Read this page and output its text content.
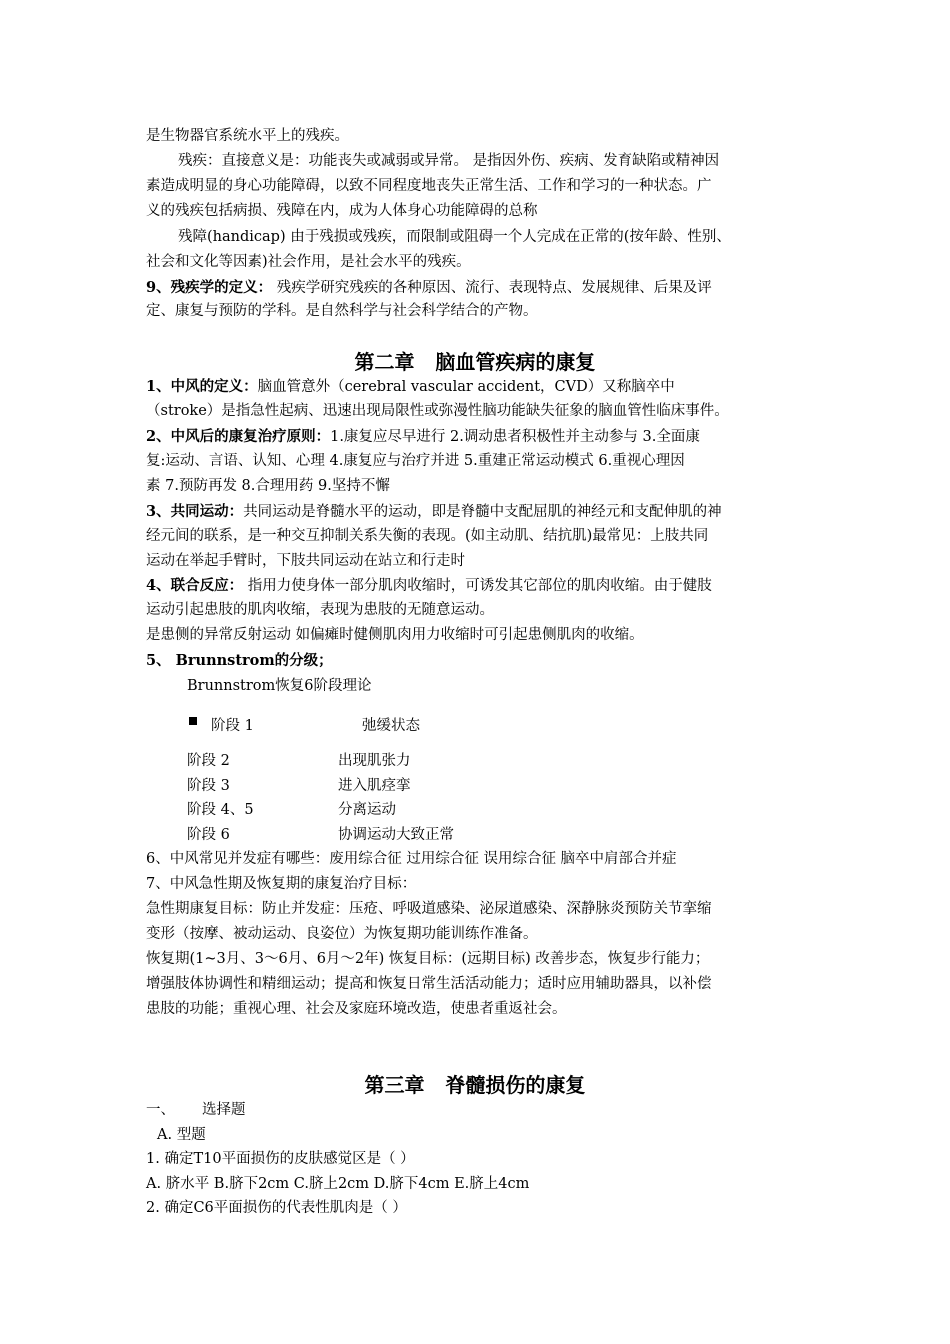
是生物器官系统水平上的残疾。
残疾：直接意义是：功能丧失或减弱或异常。 是指因外伤、疾病、发育缺陷或精神因
素造成明显的身心功能障碍，以致不同程度地丧失正常生活、工作和学习的一种状态。广
义的残疾包括病损、残障在内，成为人体身心功能障碍的总称
残障(handicap) 由于残损或残疾，而限制或阻碍一个人完成在正常的(按年龄、性别、
社会和文化等因素)社会作用，是社会水平的残疾。
9、残疾学的定义： 残疾学研究残疾的各种原因、流行、表现特点、发展规律、后果及评
定、康复与预防的学科。是自然科学与社会科学结合的产物。
第二章   脑血管疾病的康复
1、中风的定义：脑血管意外（cerebral vascular accident，CVD）又称脑卒中
（stroke）是指急性起病、迅速出现局限性或弥漫性脑功能缺失征象的脑血管性临床事件。
2、中风后的康复治疗原则：1.康复应尽早进行 2.调动患者积极性并主动参与 3.全面康
复:运动、言语、认知、心理 4.康复应与治疗并进 5.重建正常运动模式 6.重视心理因
素 7.预防再发 8.合理用药 9.坚持不懈
3、共同运动：共同运动是脊髓水平的运动，即是脊髓中支配屈肌的神经元和支配伸肌的神
经元间的联系，是一种交互抑制关系失衡的表现。(如主动肌、结抗肌)最常见：上肢共同
运动在举起手臂时，下肢共同运动在站立和行走时
4、联合反应： 指用力使身体一部分肌肉收缩时，可诱发其它部位的肌肉收缩。由于健肢
运动引起患肢的肌肉收缩，表现为患肢的无随意运动。
是患侧的异常反射运动 如偏瘫时健侧肌肉用力收缩时可引起患侧肌肉的收缩。
5、 Brunnstrom的分级；
Brunnstrom恢复6阶段理论
阶段 1	弛缓状态
阶段 2	出现肌张力
阶段 3	进入肌痉挛
阶段 4、5	分离运动
阶段 6	协调运动大致正常
6、中风常见并发症有哪些：废用综合征 过用综合征 误用综合征 脑卒中肩部合并症
7、中风急性期及恢复期的康复治疗目标：
急性期康复目标：防止并发症：压疮、呼吸道感染、泌尿道感染、深静脉炎预防关节挛缩
变形（按摩、被动运动、良姿位）为恢复期功能训练作准备。
恢复期(1~3月、3～6月、6月～2年) 恢复目标：(远期目标) 改善步态，恢复步行能力；
增强肢体协调性和精细运动；提高和恢复日常生活活动能力；适时应用辅助器具，以补偿
患肢的功能；重视心理、社会及家庭环境改造，使患者重返社会。
第三章   脊髓损伤的康复
一、 选择题
A. 型题
1. 确定T10平面损伤的皮肤感觉区是（ ）
A. 脐水平 B.脐下2cm C.脐上2cm D.脐下4cm E.脐上4cm
2. 确定C6平面损伤的代表性肌肉是（ ）
